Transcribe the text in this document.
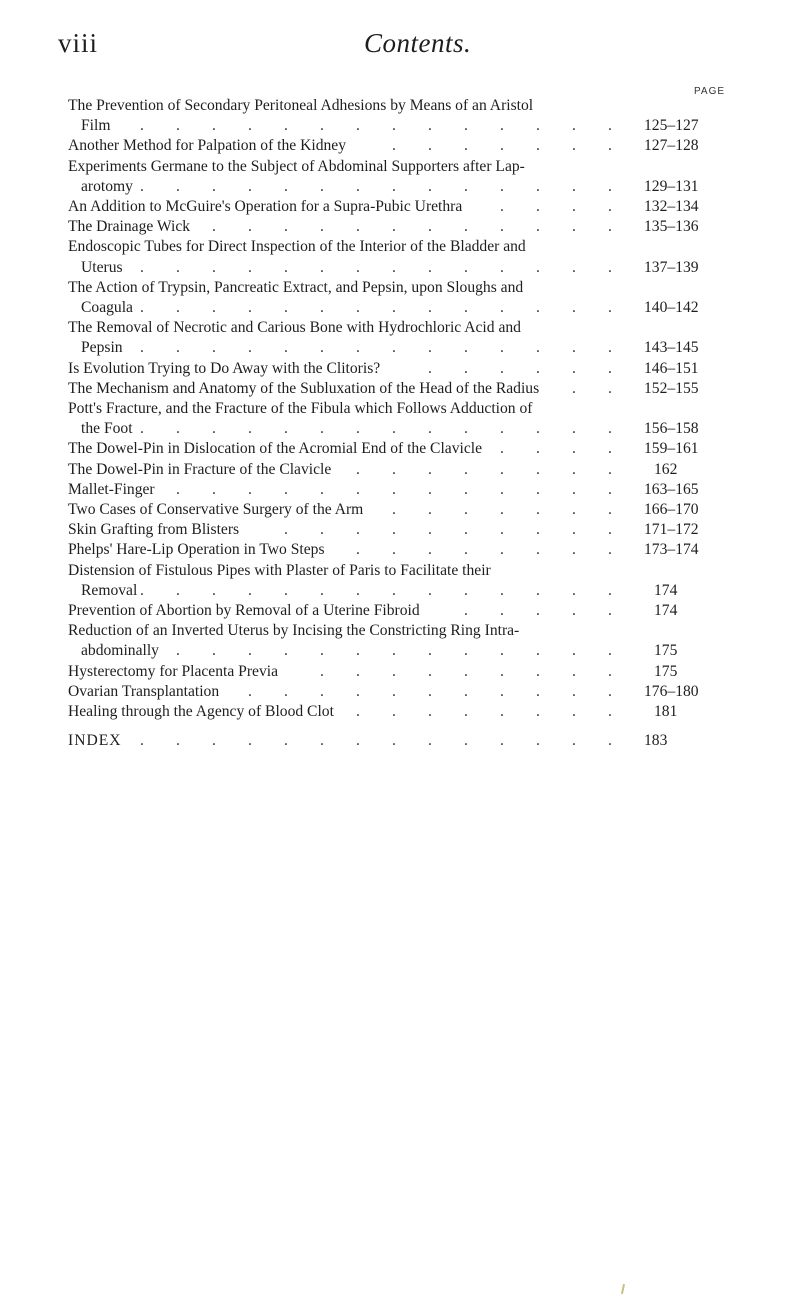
viii	Contents.
PAGE
The Prevention of Secondary Peritoneal Adhesions by Means of an Aristol
Film	125–127
. . . . . . . . . . . . . .
Another Method for Palpation of the Kidney	127–128
. . . . . . .
Experiments Germane to the Subject of Abdominal Supporters after Lap-
arotomy	129–131
. . . . . . . . . . . . . .
An Addition to McGuire's Operation for a Supra-Pubic Urethra	132–134
. . . .
The Drainage Wick	135–136
. . . . . . . . . . . .
Endoscopic Tubes for Direct Inspection of the Interior of the Bladder and
Uterus	137–139
. . . . . . . . . . . . . .
The Action of Trypsin, Pancreatic Extract, and Pepsin, upon Sloughs and
Coagula	140–142
. . . . . . . . . . . . . .
The Removal of Necrotic and Carious Bone with Hydrochloric Acid and
Pepsin	143–145
. . . . . . . . . . . . . .
Is Evolution Trying to Do Away with the Clitoris?	146–151
. . . . . .
The Mechanism and Anatomy of the Subluxation of the Head of the Radius	152–155
. .
Pott's Fracture, and the Fracture of the Fibula which Follows Adduction of
the Foot	156–158
. . . . . . . . . . . . . .
The Dowel-Pin in Dislocation of the Acromial End of the Clavicle	159–161
. . . .
The Dowel-Pin in Fracture of the Clavicle	162
. . . . . . . .
Mallet-Finger	163–165
. . . . . . . . . . . . .
Two Cases of Conservative Surgery of the Arm	166–170
. . . . . . .
Skin Grafting from Blisters	171–172
. . . . . . . . . .
Phelps' Hare-Lip Operation in Two Steps	173–174
. . . . . . . .
Distension of Fistulous Pipes with Plaster of Paris to Facilitate their
Removal	174
. . . . . . . . . . . . . .
Prevention of Abortion by Removal of a Uterine Fibroid	174
. . . . .
Reduction of an Inverted Uterus by Incising the Constricting Ring Intra-
abdominally	175
. . . . . . . . . . . . .
Hysterectomy for Placenta Previa	175
. . . . . . . . .
Ovarian Transplantation	176–180
. . . . . . . . . . .
Healing through the Agency of Blood Clot	181
. . . . . . . .
INDEX	. . . . . . . . . . . . . . 183
